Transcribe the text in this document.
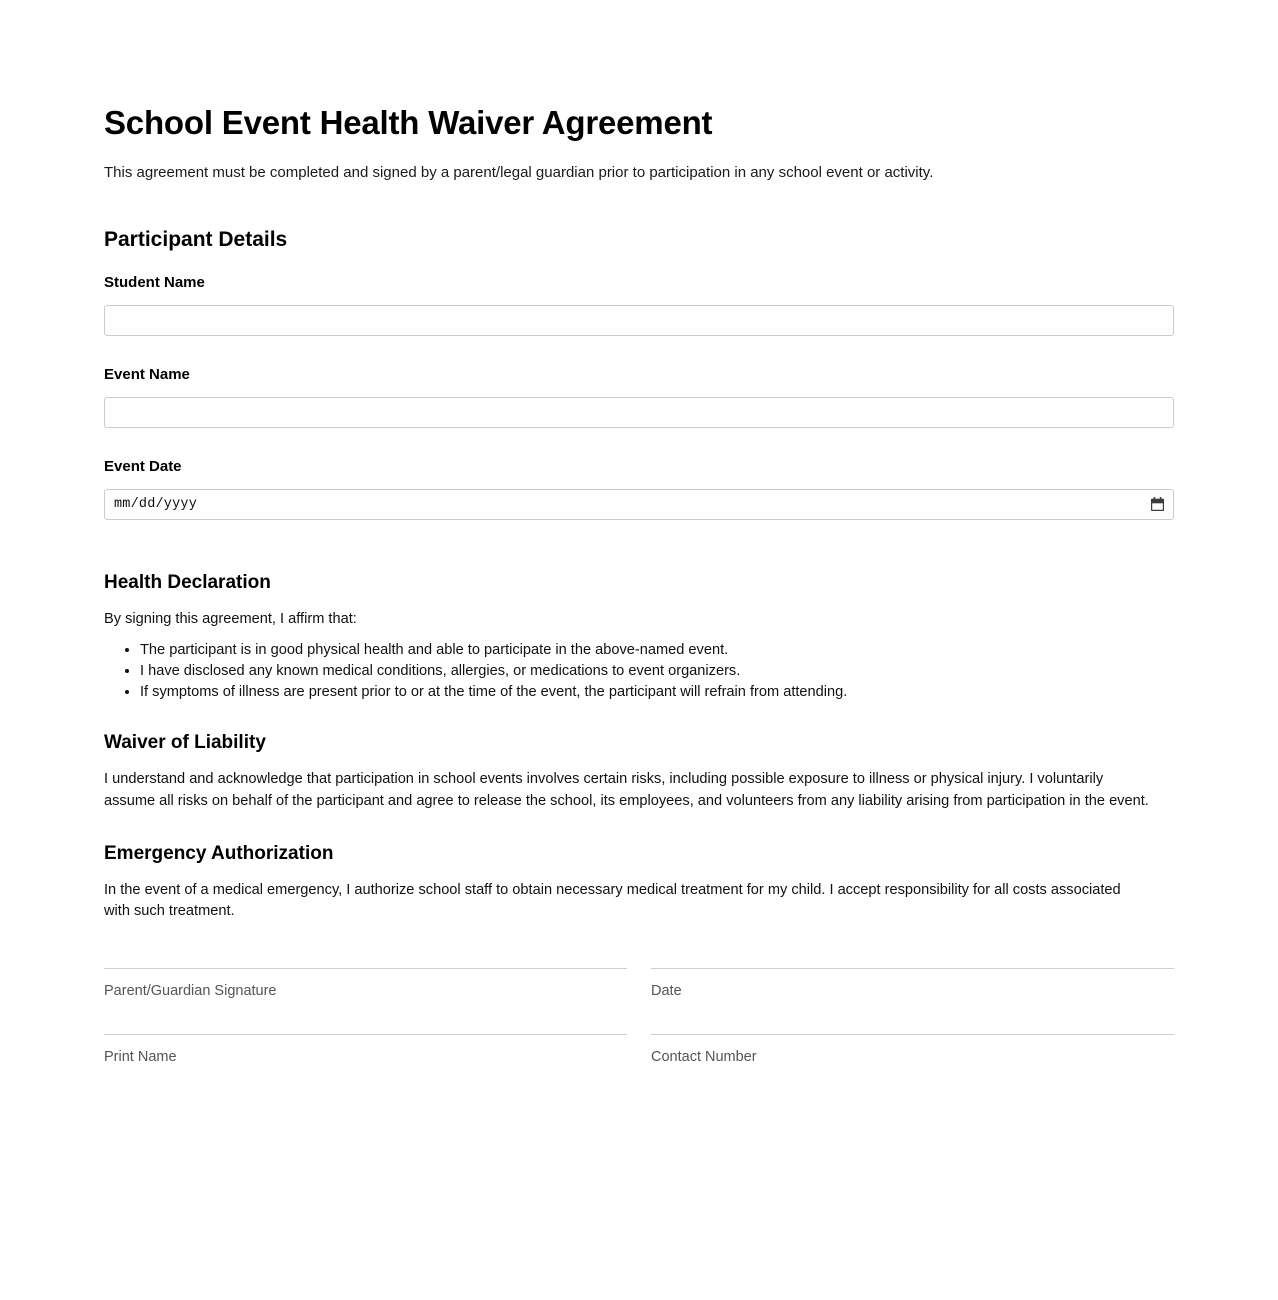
School Event Health Waiver Agreement

This agreement must be completed and signed by a parent/legal guardian prior to participation in any school event or activity.

Participant Details
Student Name
Event Name
Event Date
mm/dd/yyyy
Health Declaration

By signing this agreement, I affirm that:

• The participant is in good physical health and able to participate in the above-named event.
• I have disclosed any known medical conditions, allergies, or medications to event organizers.
• If symptoms of illness are present prior to or at the time of the event, the participant will refrain from attending.
Waiver of Liability

I understand and acknowledge that participation in school events involves certain risks, including possible exposure to illness or physical injury. I voluntarily assume all risks on behalf of the participant and agree to release the school, its employees, and volunteers from any liability arising from participation in the event.

Emergency Authorization

In the event of a medical emergency, I authorize school staff to obtain necessary medical treatment for my child. I accept responsibility for all costs associated with such treatment.

Parent/Guardian Signature	Date
Print Name	Contact Number
